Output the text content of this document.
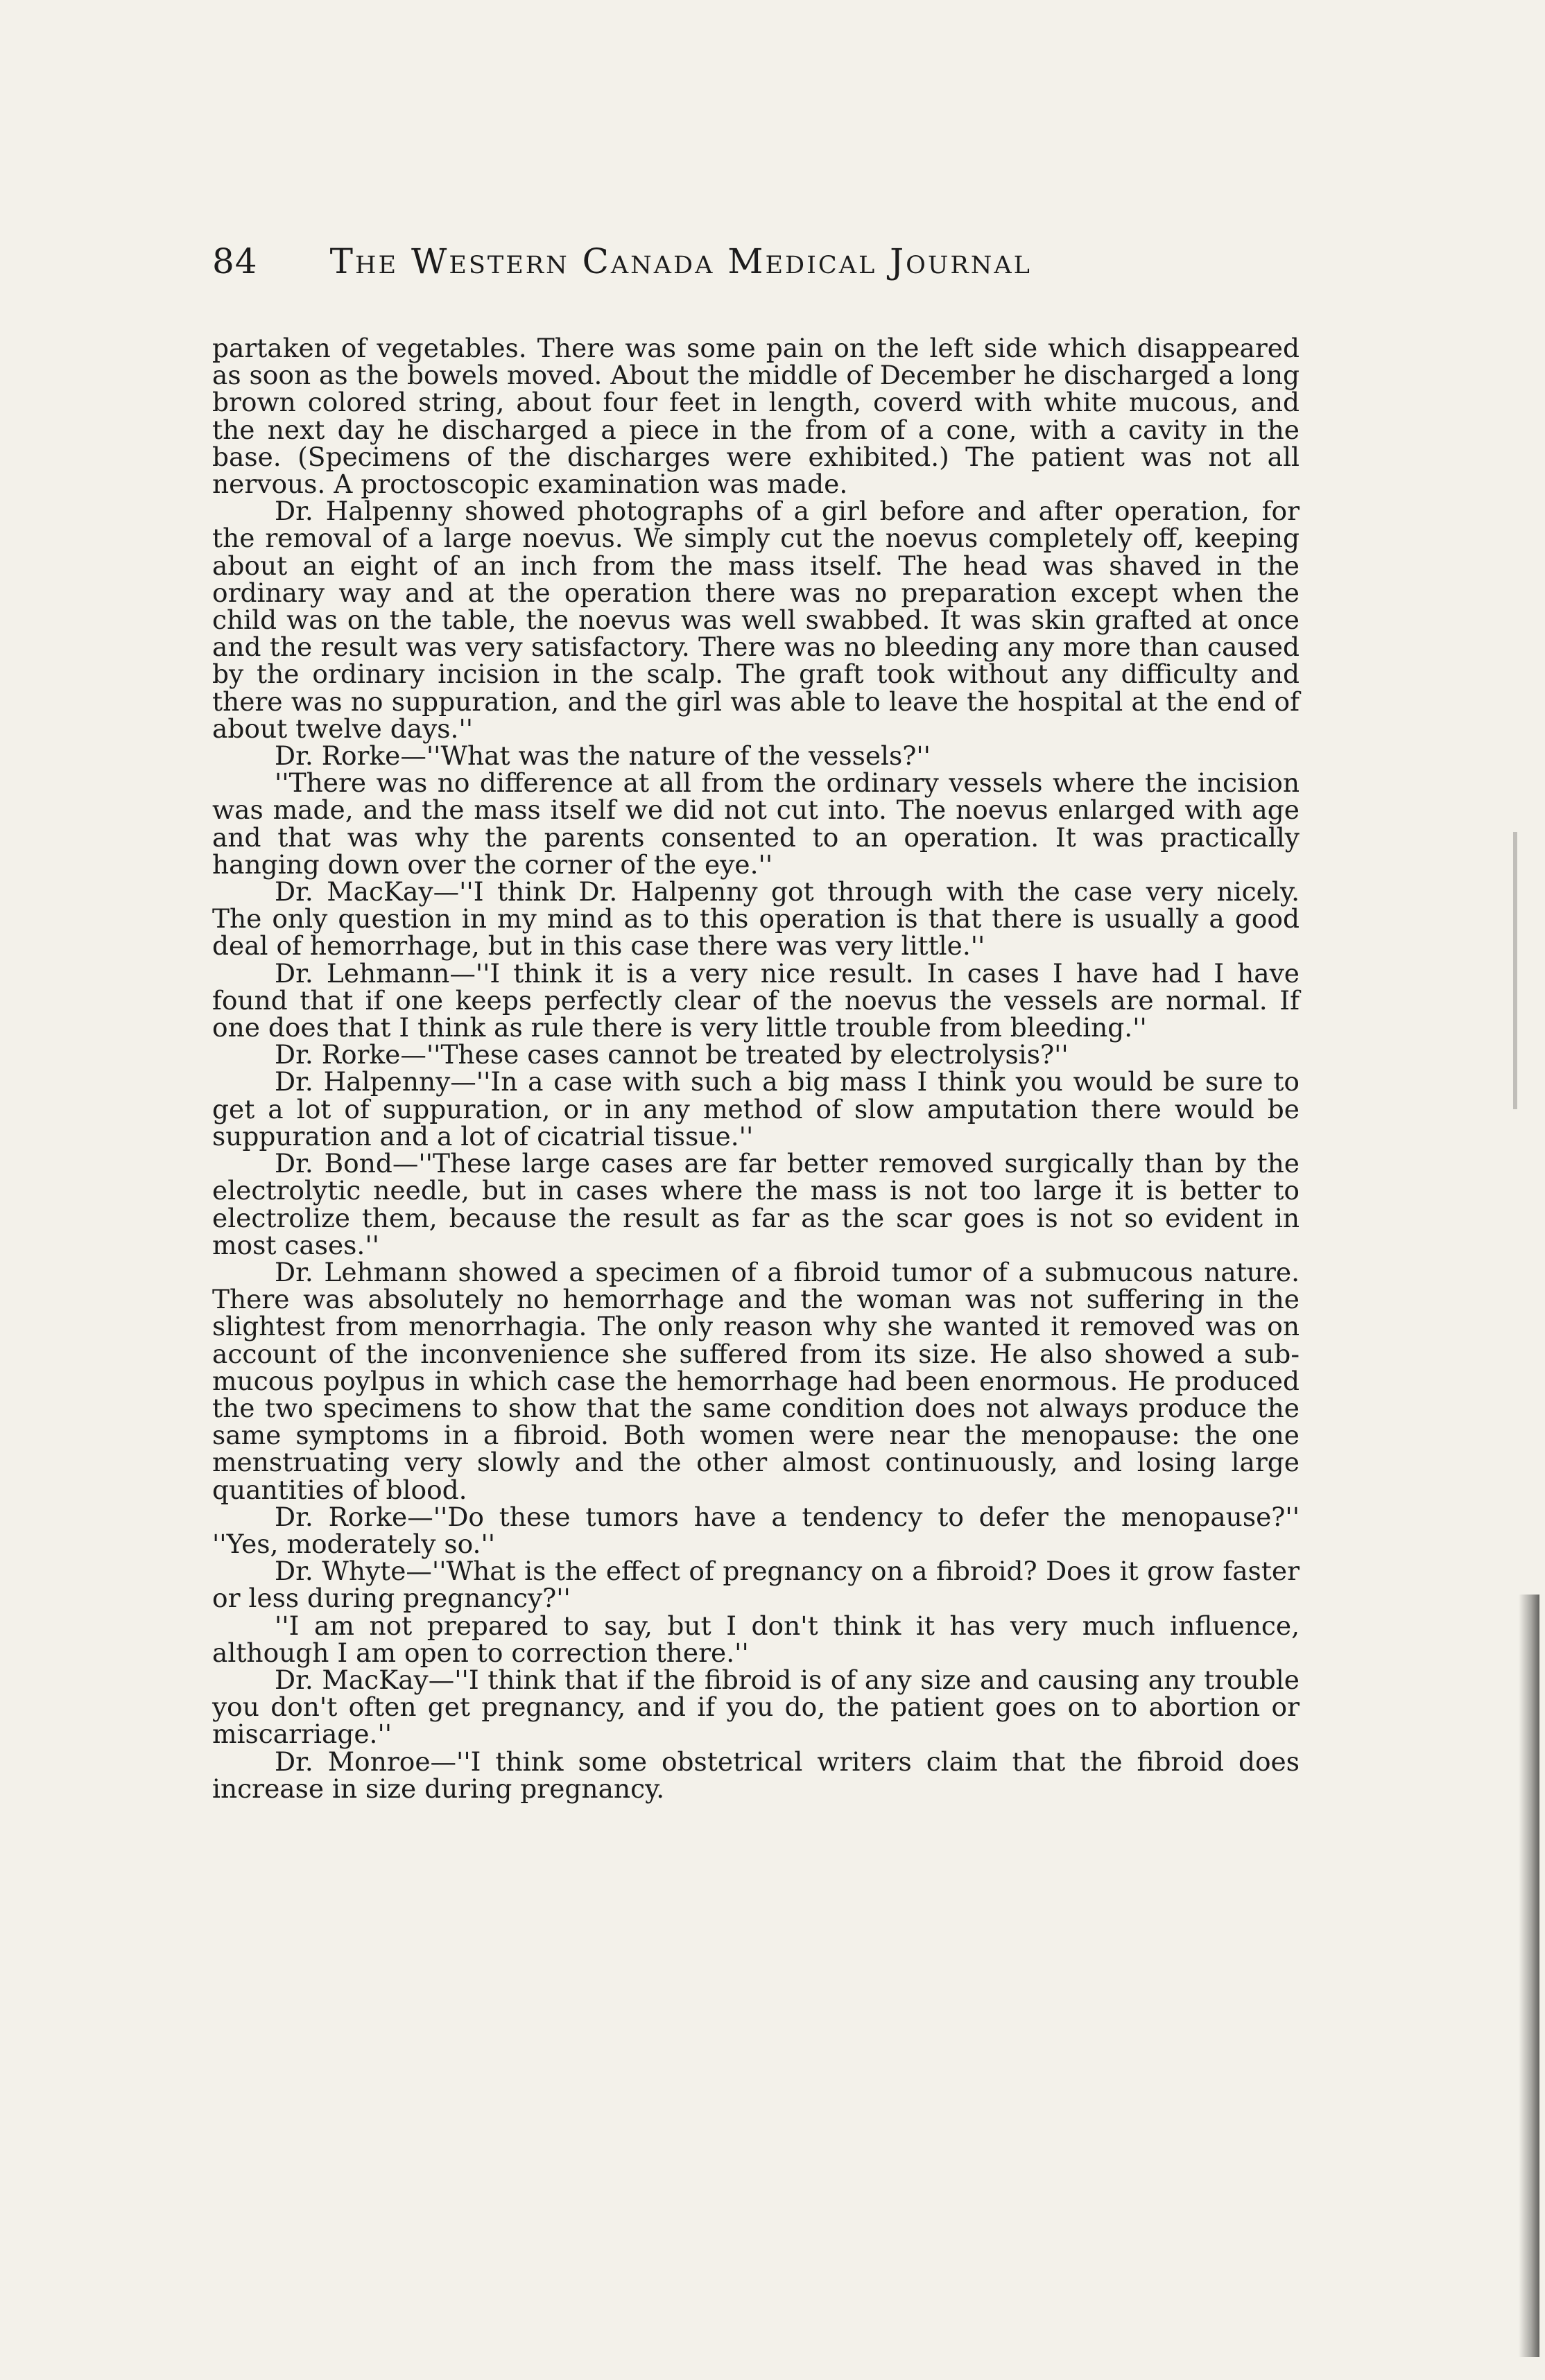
84 The Western Canada Medical Journal

partaken of vegetables. There was some pain on the left side which disappeared as soon as the bowels moved. About the middle of December he discharged a long brown colored string, about four feet in length, coverd with white mucous, and the next day he discharged a piece in the from of a cone, with a cavity in the base. (Specimens of the discharges were exhibited.) The patient was not all nervous. A proctoscopic examination was made.

Dr. Halpenny showed photographs of a girl before and after operation, for the removal of a large noevus. We simply cut the noevus completely off, keeping about an eight of an inch from the mass itself. The head was shaved in the ordinary way and at the operation there was no preparation except when the child was on the table, the noevus was well swabbed. It was skin grafted at once and the result was very satisfactory. There was no bleeding any more than caused by the ordinary incision in the scalp. The graft took without any difficulty and there was no suppuration, and the girl was able to leave the hospital at the end of about twelve days.''

Dr. Rorke—''What was the nature of the vessels?''

''There was no difference at all from the ordinary vessels where the incision was made, and the mass itself we did not cut into. The noevus enlarged with age and that was why the parents consented to an operation. It was practically hanging down over the corner of the eye.''

Dr. MacKay—''I think Dr. Halpenny got through with the case very nicely. The only question in my mind as to this operation is that there is usually a good deal of hemorrhage, but in this case there was very little.''

Dr. Lehmann—''I think it is a very nice result. In cases I have had I have found that if one keeps perfectly clear of the noevus the vessels are normal. If one does that I think as rule there is very little trouble from bleeding.''

Dr. Rorke—''These cases cannot be treated by electrolysis?''

Dr. Halpenny—''In a case with such a big mass I think you would be sure to get a lot of suppuration, or in any method of slow amputation there would be suppuration and a lot of cicatrial tissue.''

Dr. Bond—''These large cases are far better removed surgically than by the electrolytic needle, but in cases where the mass is not too large it is better to electrolize them, because the result as far as the scar goes is not so evident in most cases.''

Dr. Lehmann showed a specimen of a fibroid tumor of a submucous nature. There was absolutely no hemorrhage and the woman was not suffering in the slightest from menorrhagia. The only reason why she wanted it removed was on account of the inconvenience she suffered from its size. He also showed a sub-mucous poylpus in which case the hemorrhage had been enormous. He produced the two specimens to show that the same condition does not always produce the same symptoms in a fibroid. Both women were near the menopause: the one menstruating very slowly and the other almost continuously, and losing large quantities of blood.

Dr. Rorke—''Do these tumors have a tendency to defer the menopause?'' ''Yes, moderately so.''

Dr. Whyte—''What is the effect of pregnancy on a fibroid? Does it grow faster or less during pregnancy?''

''I am not prepared to say, but I don't think it has very much influence, although I am open to correction there.''

Dr. MacKay—''I think that if the fibroid is of any size and causing any trouble you don't often get pregnancy, and if you do, the patient goes on to abortion or miscarriage.''

Dr. Monroe—''I think some obstetrical writers claim that the fibroid does increase in size during pregnancy.
